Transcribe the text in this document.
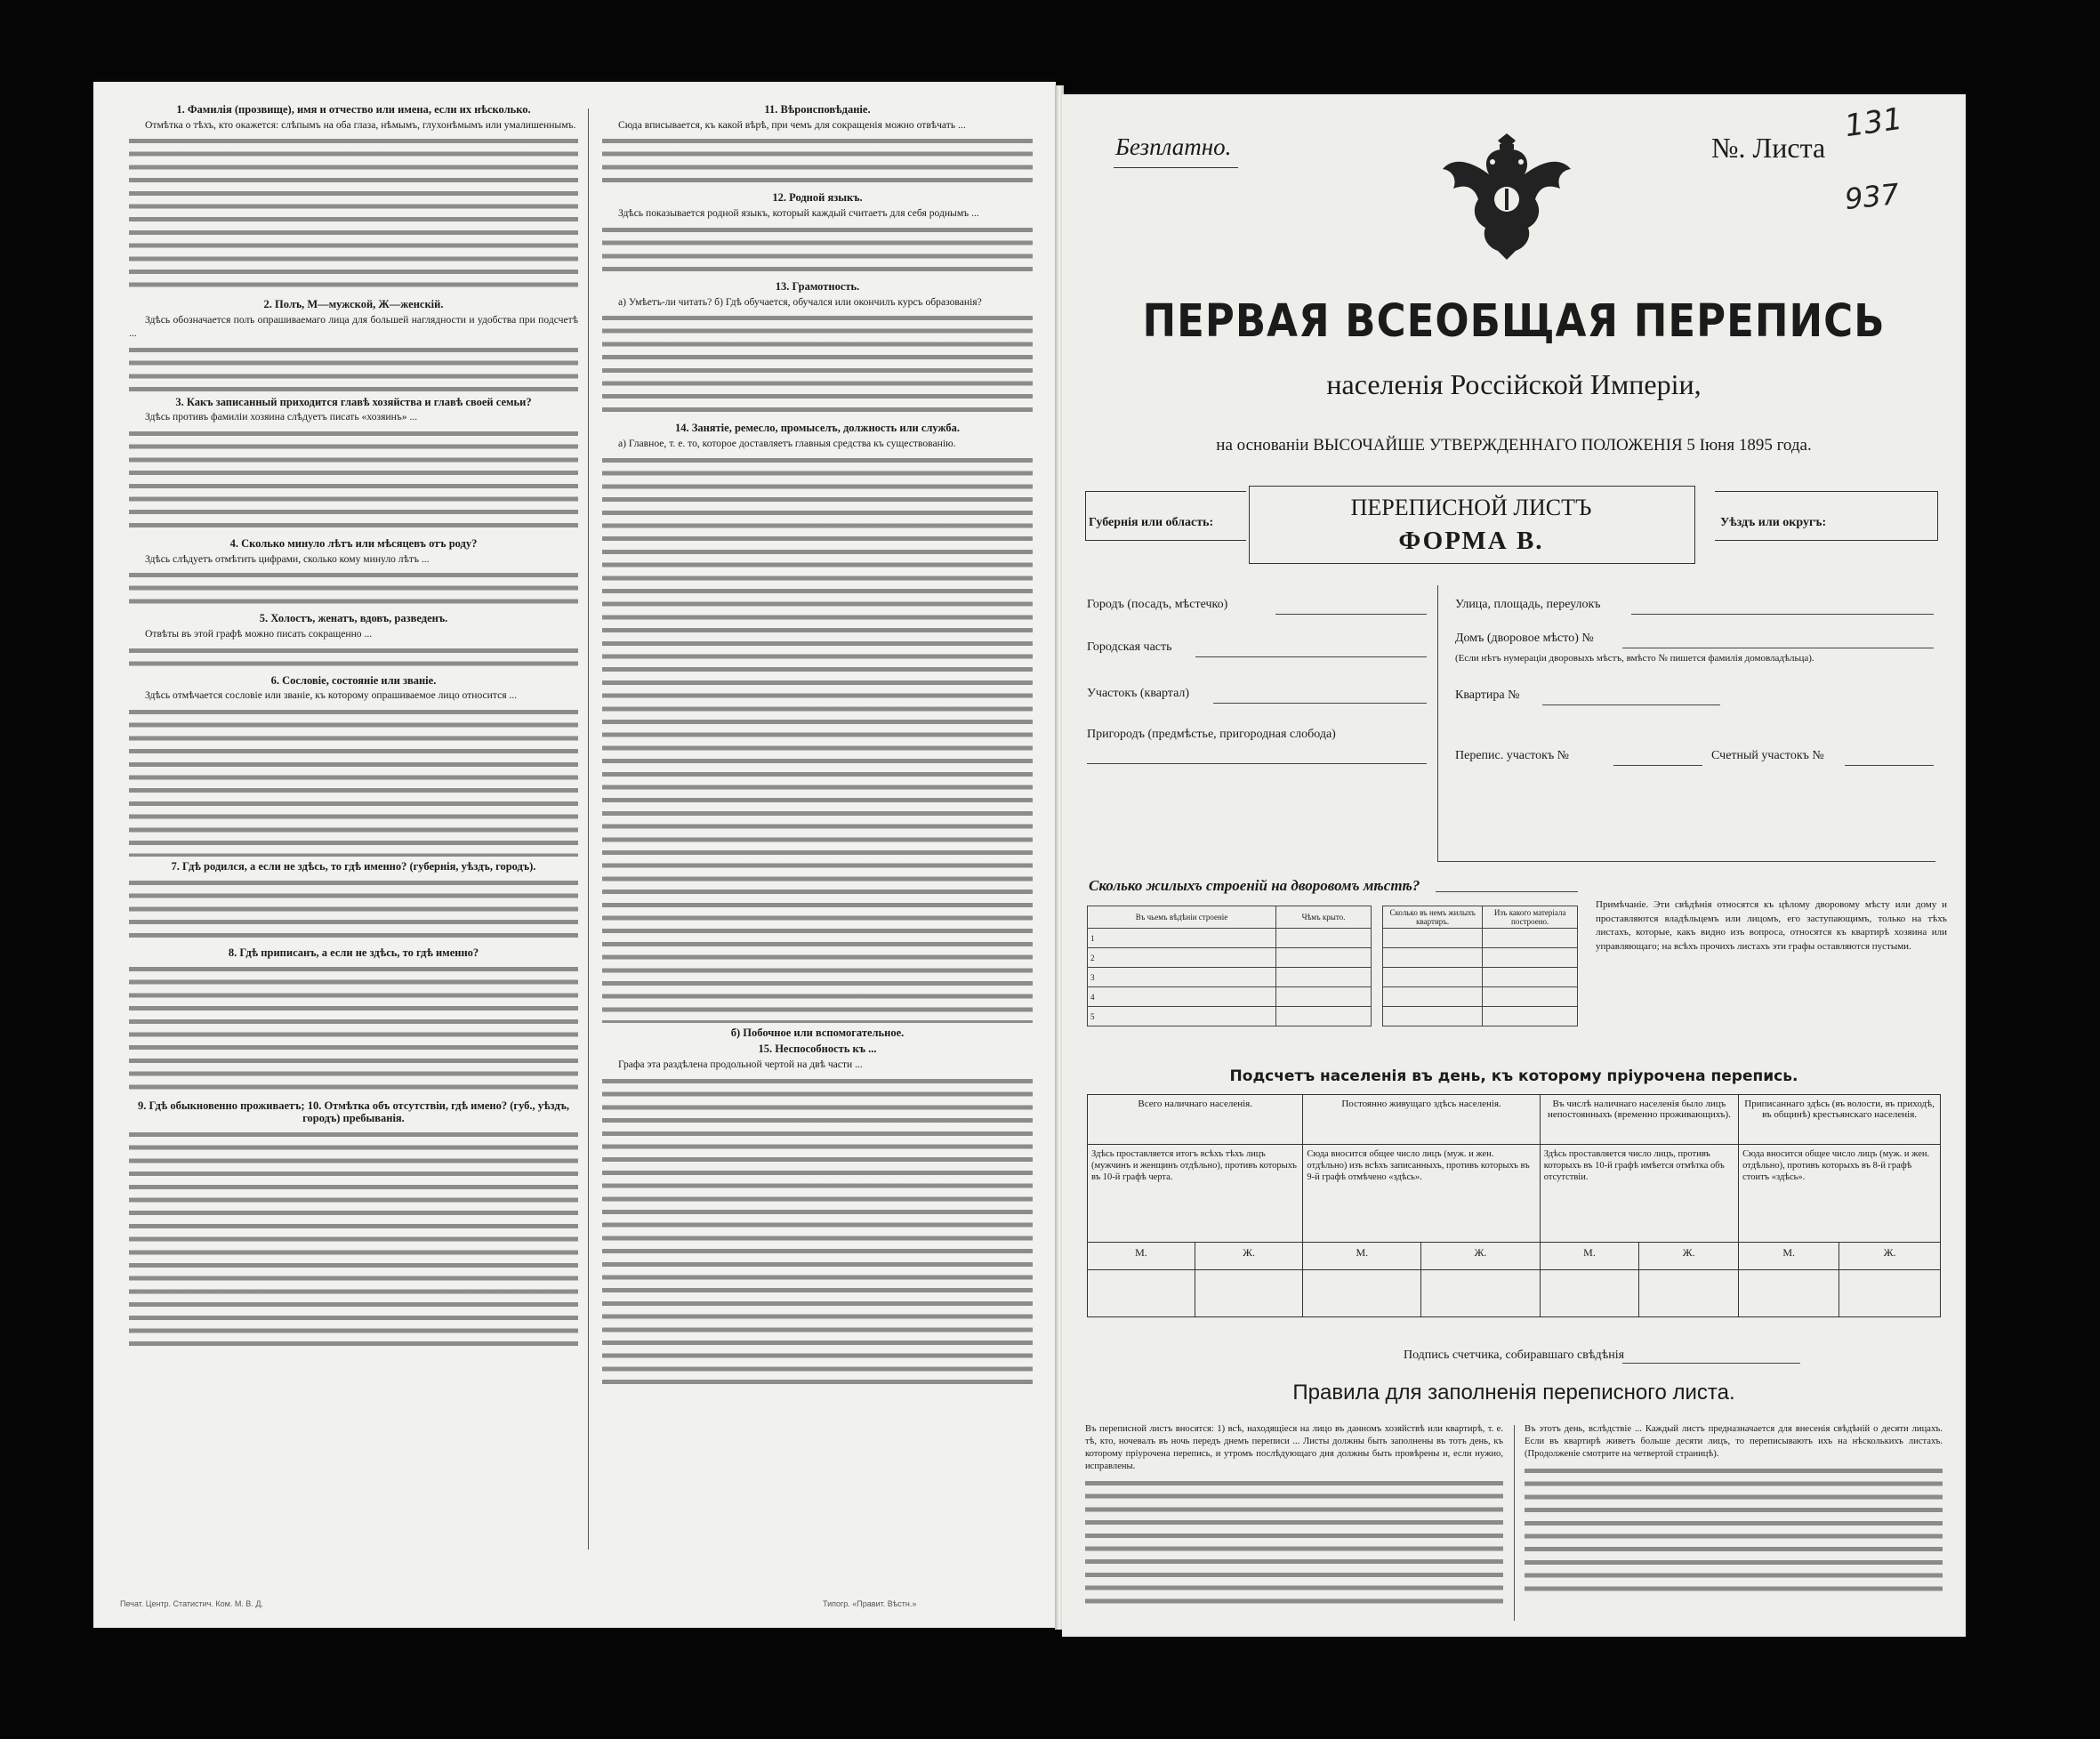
1. Фамилія (прозвище), имя и отчество или имена, если их нѣсколько.
Отмѣтка о тѣхъ, кто окажется: слѣпымъ на оба глаза, нѣмымъ, глухонѣмымъ или умалишеннымъ.
2. Полъ, М—мужской, Ж—женскій.
Здѣсь обозначается полъ опрашиваемаго лица для большей наглядности и удобства при подсчетѣ ...
3. Какъ записанный приходится главѣ хозяйства и главѣ своей семьи?
Здѣсь противъ фамиліи хозяина слѣдуетъ писать «хозяинъ» ...
4. Сколько минуло лѣтъ или мѣсяцевъ отъ роду?
Здѣсь слѣдуетъ отмѣтить цифрами, сколько кому минуло лѣтъ ...
5. Холостъ, женатъ, вдовъ, разведенъ.
Отвѣты въ этой графѣ можно писать сокращенно ...
6. Сословіе, состояніе или званіе.
Здѣсь отмѣчается сословіе или званіе, къ которому опрашиваемое лицо относится ...
7. Гдѣ родился, а если не здѣсь, то гдѣ именно? (губернія, уѣздъ, городъ).
8. Гдѣ приписанъ, а если не здѣсь, то гдѣ именно?
9. Гдѣ обыкновенно проживаетъ; 10. Отмѣтка объ отсутствіи, гдѣ имено? (губ., уѣздъ, городъ) пребыванія.
11. Вѣроисповѣданіе.
Сюда вписывается, къ какой вѣрѣ, при чемъ для сокращенія можно отвѣчать ...
12. Родной языкъ.
Здѣсь показывается родной языкъ, который каждый считаетъ для себя роднымъ ...
13. Грамотность.
а) Умѣетъ-ли читать? б) Гдѣ обучается, обучался или окончилъ курсъ образованія?
14. Занятіе, ремесло, промыселъ, должность или служба.
а) Главное, т. е. то, которое доставляетъ главныя средства къ существованію.
б) Побочное или вспомогательное.
15. Неспособность къ ...
Графа эта раздѣлена продольной чертой на двѣ части ...
Печат. Центр. Статистич. Ком. М. В. Д.	Типогр. «Правит. Вѣстн.»
Безплатно.	№. Листа
131
937
ПЕРВАЯ ВСЕОБЩАЯ ПЕРЕПИСЬ
населенія Россійской Имперіи,
на основаніи ВЫСОЧАЙШЕ УТВЕРЖДЕННАГО ПОЛОЖЕНІЯ 5 Іюня 1895 года.
Губернія или область:
ПЕРЕПИСНОЙ ЛИСТЪ
ФОРМА В.
Уѣздъ или округъ:
Городъ (посадъ, мѣстечко)
Городская часть
Участокъ (квартал)
Пригородъ (предмѣстье, пригородная слобода)
Улица, площадь, переулокъ
Домъ (дворовое мѣсто) №
(Если нѣтъ нумераціи дворовыхъ мѣстъ, вмѣсто № пишется фамилія домовладѣльца).
Квартира №
Перепис. участокъ №	Счетный участокъ №
Сколько жилыхъ строеній на дворовомъ мѣстѣ?
Въ чьемъ вѣдѣніи строеніе	Чѣмъ крыто.
1	
2	
3	
4	
5	
Сколько въ немъ жилыхъ квартиръ.	Изъ какого матеріала построено.

Примѣчаніе. Эти свѣдѣнія относятся къ цѣлому дворовому мѣсту или дому и проставляются владѣльцемъ или лицомъ, его заступающимъ, только на тѣхъ листахъ, которые, какъ видно изъ вопроса, относятся къ квартирѣ хозяина или управляющаго; на всѣхъ прочихъ листахъ эти графы оставляются пустыми.
Подсчетъ населенія въ день, къ которому пріурочена перепись.
Всего наличнаго населенія.		Постоянно живущаго здѣсь населенія.		Въ числѣ наличнаго населенія было лицъ непостоянныхъ (временно проживающихъ).		Приписаннаго здѣсь (въ волости, въ приходѣ, въ общинѣ) крестьянскаго населенія.	
Здѣсь проставляется итогъ всѣхъ тѣхъ лицъ (мужчинъ и женщинъ отдѣльно), противъ которыхъ въ 10-й графѣ черта.		Сюда вносится общее число лицъ (муж. и жен. отдѣльно) изъ всѣхъ записанныхъ, противъ которыхъ въ 9-й графѣ отмѣчено «здѣсь».		Здѣсь проставляется число лицъ, противъ которыхъ въ 10-й графѣ имѣется отмѣтка объ отсутствіи.		Сюда вносится общее число лицъ (муж. и жен. отдѣльно), противъ которыхъ въ 8-й графѣ стоитъ «здѣсь».	
М.	Ж.	М.	Ж.	М.	Ж.	М.	Ж.

Подпись счетчика, собиравшаго свѣдѣнія
Правила для заполненія переписного листа.
Въ переписной листъ вносятся: 1) всѣ, находящіеся на лицо въ данномъ хозяйствѣ или квартирѣ, т. е. тѣ, кто, ночевалъ въ ночь передъ днемъ переписи ... Листы должны быть заполнены въ тотъ день, къ которому пріурочена перепись, и утромъ послѣдующаго дня должны быть провѣрены и, если нужно, исправлены.
Въ этотъ день, вслѣдствіе ... Каждый листъ предназначается для внесенія свѣдѣній о десяти лицахъ. Если въ квартирѣ живетъ больше десяти лицъ, то переписываютъ ихъ на нѣсколькихъ листахъ. (Продолженіе смотрите на четвертой страницѣ).
